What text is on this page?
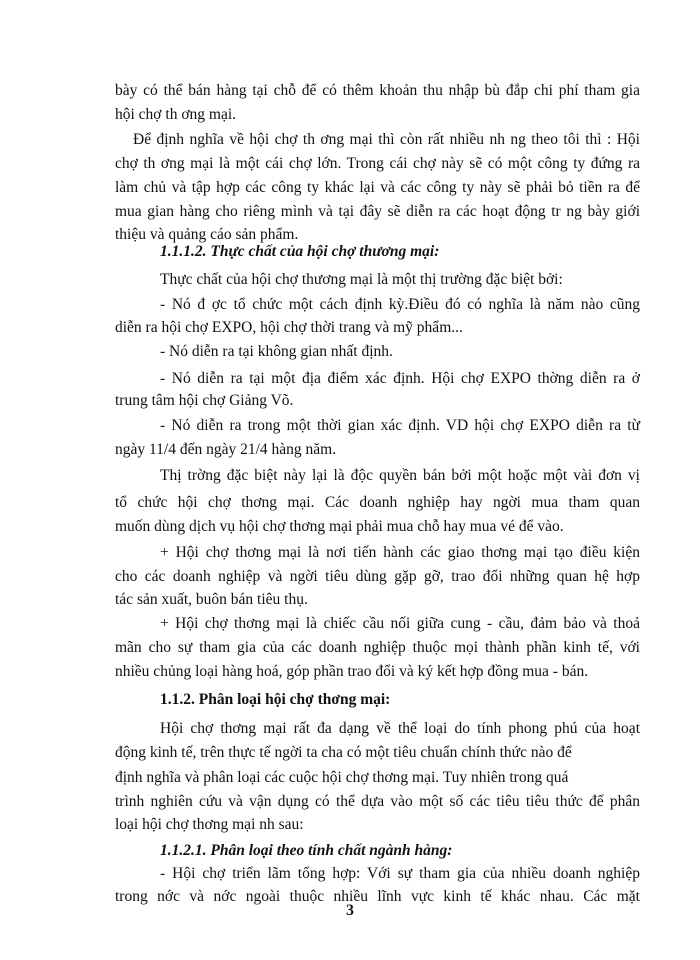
bày có thể bán hàng tại chỗ để có thêm khoản thu nhập bù đắp chi phí tham gia
hội chợ th ơng mại.
Để định nghĩa về hội chợ th ơng mại thì còn rất nhiều nh ng theo tôi thì : Hội
chợ th ơng mại là một cái chợ lớn. Trong cái chợ này sẽ có một công ty đứng ra
làm chủ và tập hợp các công ty khác lại và các công ty này sẽ phải bỏ tiền ra để
mua gian hàng cho riêng mình và tại đây sẽ diễn ra các hoạt động tr ng bày giới
thiệu và quảng cáo sản phẩm.
1.1.1.2. Thực chất của hội chợ thương mại:
Thực chất của hội chợ thương mại là một thị trường đặc biệt bởi:
- Nó đ ợc tổ chức một cách định kỳ.Điều đó có nghĩa là năm nào cũng
diễn ra hội chợ EXPO, hội chợ thời trang và mỹ phẩm...
- Nó diễn ra tại không gian nhất định.
- Nó diễn ra tại một địa điểm xác định. Hội chợ EXPO thờng diễn ra ở
trung tâm hội chợ Giảng Võ.
- Nó diễn ra trong một thời gian xác định. VD hội chợ EXPO diễn ra từ
ngày 11/4 đến ngày 21/4 hàng năm.
Thị trờng đặc biệt này lại là độc quyền bán bởi một hoặc một vài đơn vị
tổ chức hội chợ thơng mại. Các doanh nghiệp hay ngời mua tham quan
muốn dùng dịch vụ hội chợ thơng mại phải mua chỗ hay mua vé để vào.
+ Hội chợ thơng mại là nơi tiến hành các giao thơng mại tạo điều kiện
cho các doanh nghiệp và ngời tiêu dùng gặp gỡ, trao đổi những quan hệ hợp
tác sản xuất, buôn bán tiêu thụ.
+ Hội chợ thơng mại là chiếc cầu nối giữa cung - cầu, đảm bảo và thoả
mãn cho sự tham gia của các doanh nghiệp thuộc mọi thành phần kinh tế, với
nhiều chủng loại hàng hoá, góp phần trao đổi và ký kết hợp đồng mua - bán.
1.1.2. Phân loại hội chợ thơng mại:
Hội chợ thơng mại rất đa dạng về thể loại do tính phong phú của hoạt
động kinh tế, trên thực tế ngời ta cha có một tiêu chuẩn chính thức nào để
định nghĩa và phân loại các cuộc hội chợ thơng mại. Tuy nhiên trong quá
trình nghiên cứu và vận dụng có thể dựa vào một số các tiêu tiêu thức để phân
loại hội chợ thơng mại nh sau:
1.1.2.1. Phân loại theo tính chất ngành hàng:
- Hội chợ triển lãm tổng hợp: Với sự tham gia của nhiều doanh nghiệp
trong nớc và nớc ngoài thuộc nhiều lĩnh vực kinh tế khác nhau. Các mặt
3
